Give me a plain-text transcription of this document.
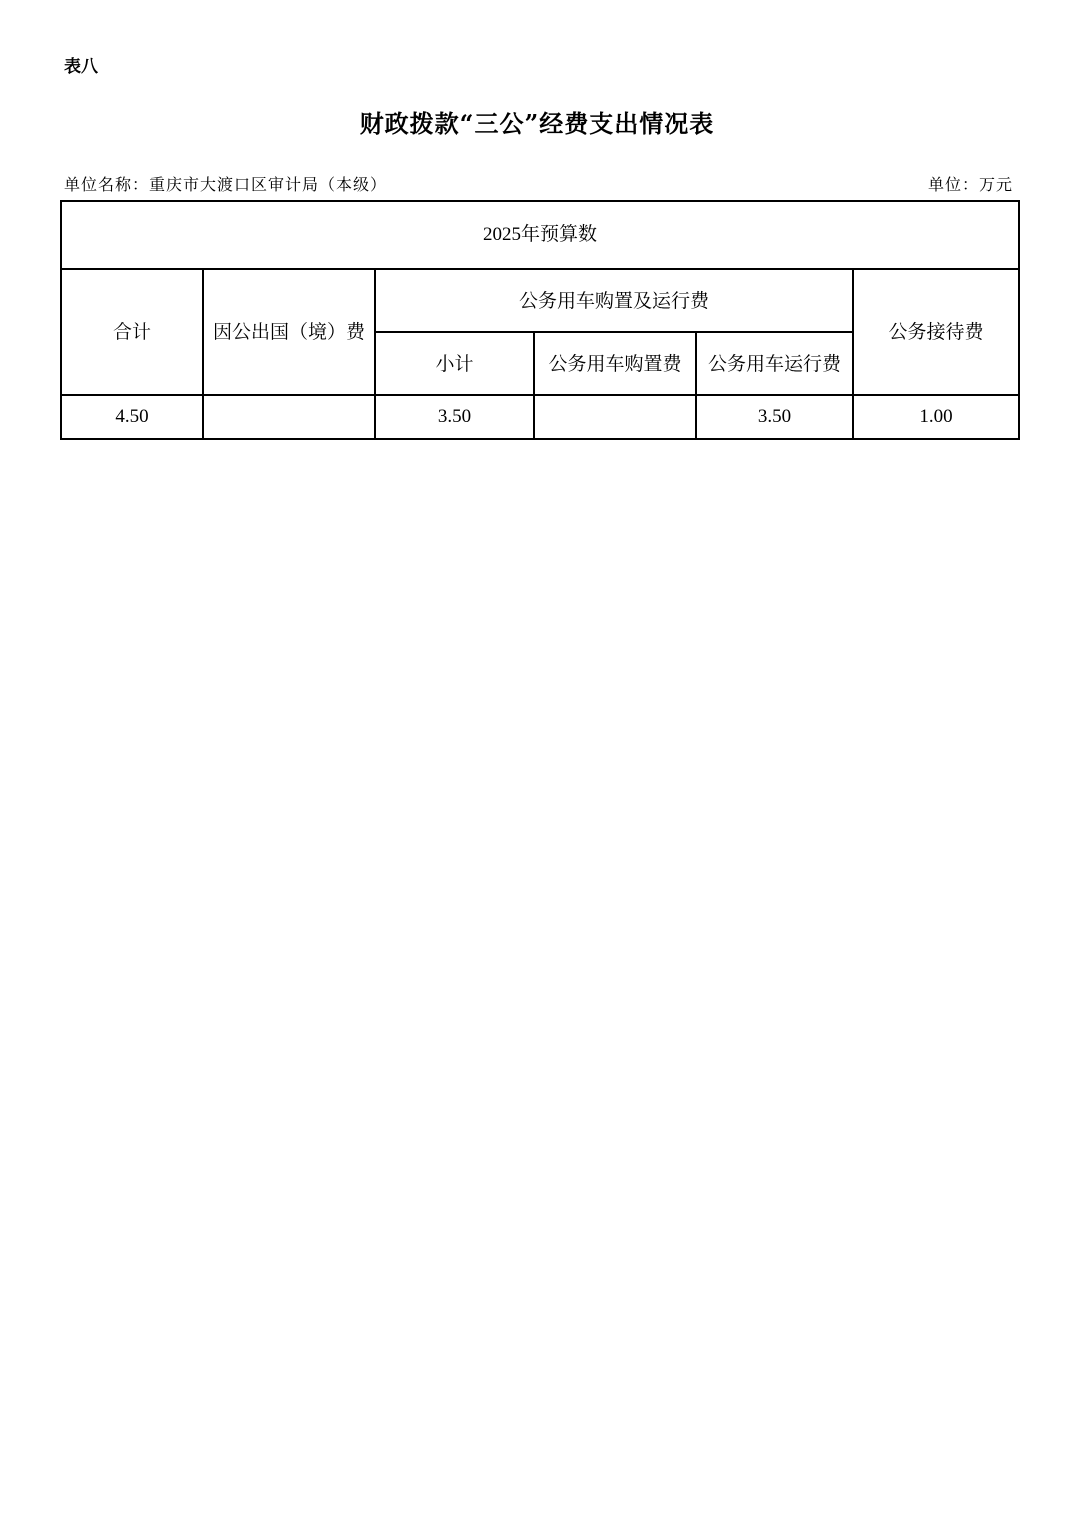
表八
财政拨款“三公”经费支出情况表
单位名称：重庆市大渡口区审计局（本级）	单位：万元
2025年预算数					
合计	因公出国（境）费	公务用车购置及运行费			公务接待费
		小计	公务用车购置费	公务用车运行费	
4.50		3.50		3.50	1.00
